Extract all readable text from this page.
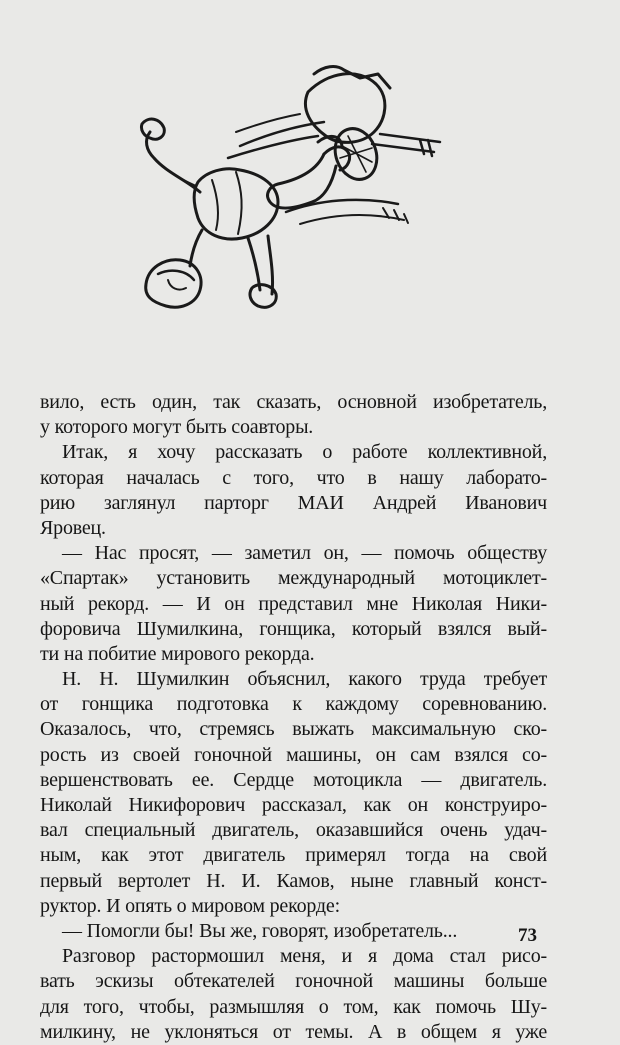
вило, есть один, так сказать, основной изобретатель,
у которого могут быть соавторы.
Итак, я хочу рассказать о работе коллективной,
которая началась с того, что в нашу лаборато-
рию заглянул парторг МАИ Андрей Иванович
Яровец.
— Нас просят, — заметил он, — помочь обществу
«Спартак» установить международный мотоциклет-
ный рекорд. — И он представил мне Николая Ники-
форовича Шумилкина, гонщика, который взялся вый-
ти на побитие мирового рекорда.
Н. Н. Шумилкин объяснил, какого труда требует
от гонщика подготовка к каждому соревнованию.
Оказалось, что, стремясь выжать максимальную ско-
рость из своей гоночной машины, он сам взялся со-
вершенствовать ее. Сердце мотоцикла — двигатель.
Николай Никифорович рассказал, как он конструиро-
вал специальный двигатель, оказавшийся очень удач-
ным, как этот двигатель примерял тогда на свой
первый вертолет Н. И. Камов, ныне главный конст-
руктор. И опять о мировом рекорде:
— Помогли бы! Вы же, говорят, изобретатель...
Разговор растормошил меня, и я дома стал рисо-
вать эскизы обтекателей гоночной машины больше
для того, чтобы, размышляя о том, как помочь Шу-
милкину, не уклоняться от темы. А в общем я уже
73
